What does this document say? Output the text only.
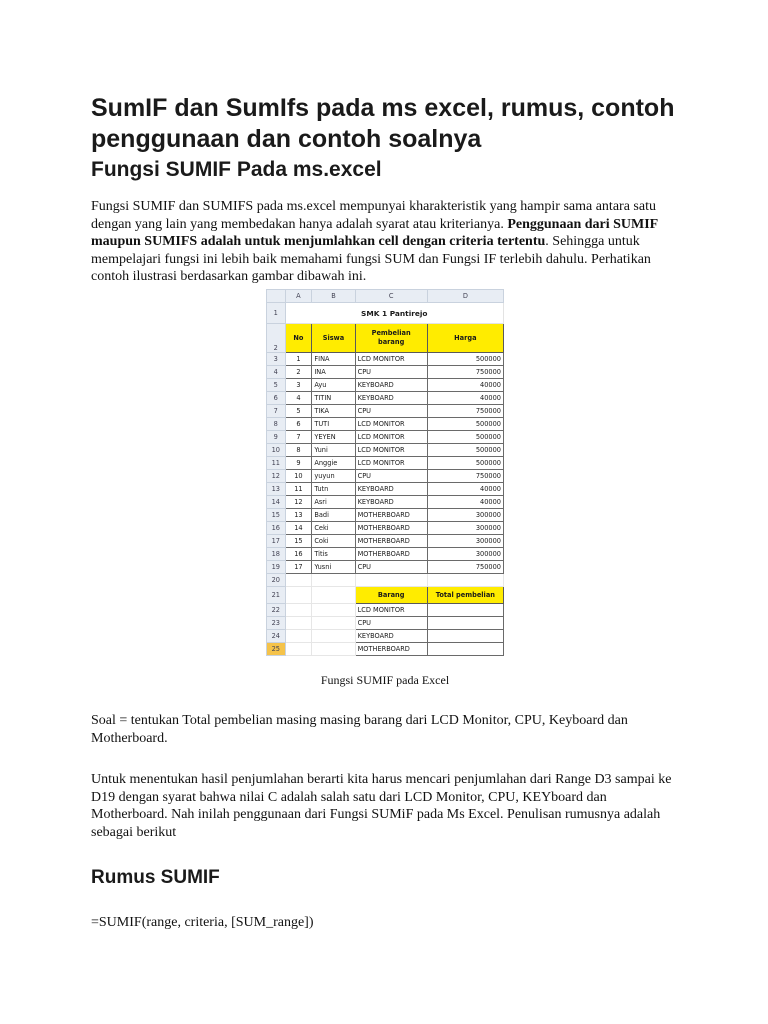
SumIF dan SumIfs pada ms excel, rumus, contoh penggunaan dan contoh soalnya
Fungsi SUMIF Pada ms.excel

Fungsi SUMIF dan SUMIFS pada ms.excel mempunyai kharakteristik yang hampir sama antara satu dengan yang lain yang membedakan hanya adalah syarat atau kriterianya. Penggunaan dari SUMIF maupun SUMIFS adalah untuk menjumlahkan cell dengan criteria tertentu. Sehingga untuk mempelajari fungsi ini lebih baik memahami fungsi SUM dan Fungsi IF terlebih dahulu. Perhatikan contoh ilustrasi berdasarkan gambar dibawah ini.

	A	B	C	D
1	SMK 1 Pantirejo			
2	No	Siswa	Pembelian barang	Harga
3	1	FINA	LCD MONITOR	500000
4	2	INA	CPU	750000
5	3	Ayu	KEYBOARD	40000
6	4	TITIN	KEYBOARD	40000
7	5	TIKA	CPU	750000
8	6	TUTI	LCD MONITOR	500000
9	7	YEYEN	LCD MONITOR	500000
10	8	Yuni	LCD MONITOR	500000
11	9	Anggie	LCD MONITOR	500000
12	10	yuyun	CPU	750000
13	11	Tutn	KEYBOARD	40000
14	12	Asri	KEYBOARD	40000
15	13	Badi	MOTHERBOARD	300000
16	14	Ceki	MOTHERBOARD	300000
17	15	Coki	MOTHERBOARD	300000
18	16	Titis	MOTHERBOARD	300000
19	17	Yusni	CPU	750000
20				
21			Barang	Total pembelian
22			LCD MONITOR	
23			CPU	
24			KEYBOARD	
25			MOTHERBOARD	
Fungsi SUMIF pada Excel

Soal = tentukan Total pembelian masing masing barang dari LCD Monitor, CPU, Keyboard dan Motherboard.

Untuk menentukan hasil penjumlahan berarti kita harus mencari penjumlahan dari Range D3 sampai ke D19 dengan syarat bahwa nilai C adalah salah satu dari LCD Monitor, CPU, KEYboard dan Motherboard. Nah inilah penggunaan dari Fungsi SUMiF pada Ms Excel. Penulisan rumusnya adalah sebagai berikut

Rumus SUMIF

=SUMIF(range, criteria, [SUM_range])
